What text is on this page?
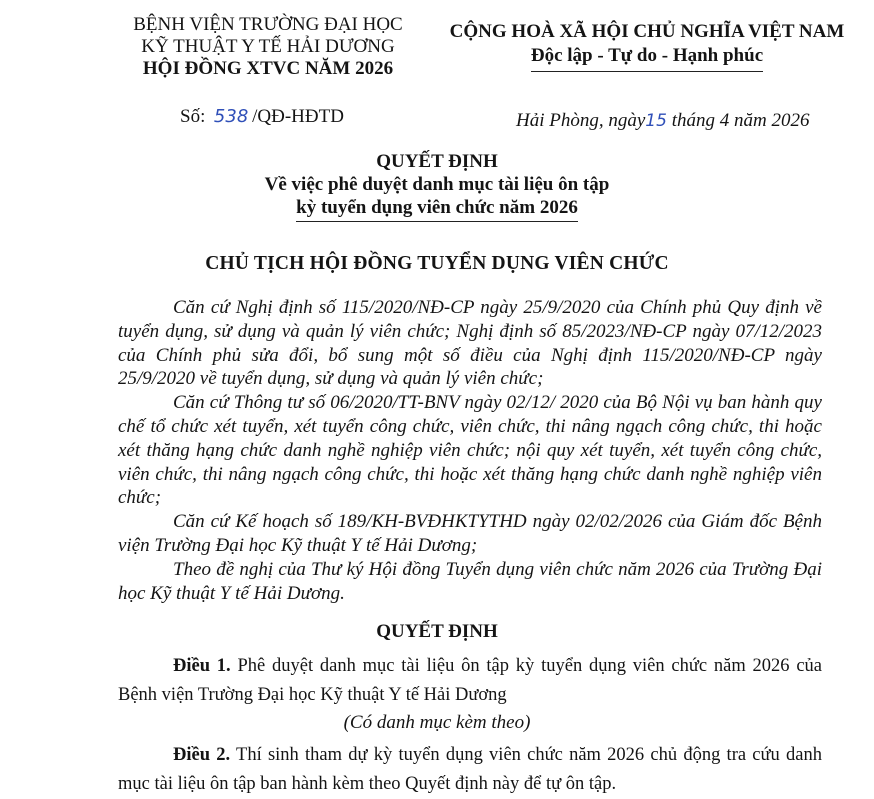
BỆNH VIỆN TRƯỜNG ĐẠI HỌC
KỸ THUẬT Y TẾ HẢI DƯƠNG
HỘI ĐỒNG XTVC NĂM 2026
CỘNG HOÀ XÃ HỘI CHỦ NGHĨA VIỆT NAM
Độc lập - Tự do - Hạnh phúc
Số: 538 /QĐ-HĐTD	Hải Phòng, ngày15 tháng 4 năm 2026
QUYẾT ĐỊNH
Về việc phê duyệt danh mục tài liệu ôn tập
kỳ tuyển dụng viên chức năm 2026
CHỦ TỊCH HỘI ĐỒNG TUYỂN DỤNG VIÊN CHỨC

Căn cứ Nghị định số 115/2020/NĐ-CP ngày 25/9/2020 của Chính phủ Quy định về tuyển dụng, sử dụng và quản lý viên chức; Nghị định số 85/2023/NĐ-CP ngày 07/12/2023 của Chính phủ sửa đổi, bổ sung một số điều của Nghị định 115/2020/NĐ-CP ngày 25/9/2020 về tuyển dụng, sử dụng và quản lý viên chức;

Căn cứ Thông tư số 06/2020/TT-BNV ngày 02/12/ 2020 của Bộ Nội vụ ban hành quy chế tổ chức xét tuyển, xét tuyển công chức, viên chức, thi nâng ngạch công chức, thi hoặc xét thăng hạng chức danh nghề nghiệp viên chức; nội quy xét tuyển, xét tuyển công chức, viên chức, thi nâng ngạch công chức, thi hoặc xét thăng hạng chức danh nghề nghiệp viên chức;

Căn cứ Kế hoạch số 189/KH-BVĐHKTYTHD ngày 02/02/2026 của Giám đốc Bệnh viện Trường Đại học Kỹ thuật Y tế Hải Dương;

Theo đề nghị của Thư ký Hội đồng Tuyển dụng viên chức năm 2026 của Trường Đại học Kỹ thuật Y tế Hải Dương.

QUYẾT ĐỊNH

Điều 1. Phê duyệt danh mục tài liệu ôn tập kỳ tuyển dụng viên chức năm 2026 của Bệnh viện Trường Đại học Kỹ thuật Y tế Hải Dương

(Có danh mục kèm theo)

Điều 2. Thí sinh tham dự kỳ tuyển dụng viên chức năm 2026 chủ động tra cứu danh mục tài liệu ôn tập ban hành kèm theo Quyết định này để tự ôn tập.
